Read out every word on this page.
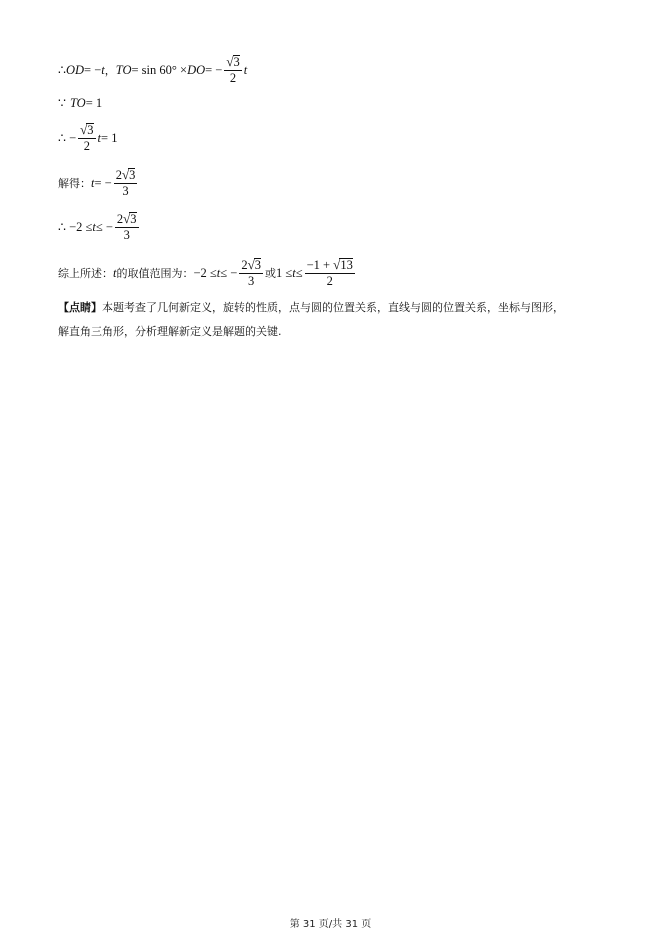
∴ OD = − t ， TO = sin 60° × DO = − $\frac{√3}{2}$ t
∵ TO = 1
∴ − $\frac{√3}{2}$ t = 1
解得： t = − $\frac{2√3}{3}$
∴ −2 ≤ t ≤ − $\frac{2√3}{3}$
综上所述： t 的取值范围为： −2 ≤ t ≤ − $\frac{2√3}{3}$ 或 $1 \le t \le \frac{-1 + √13}{2}$
【点睛】本题考查了几何新定义，旋转的性质，点与圆的位置关系，直线与圆的位置关系，坐标与图形，
解直角三角形，分析理解新定义是解题的关键.
第 31 页/共 31 页
